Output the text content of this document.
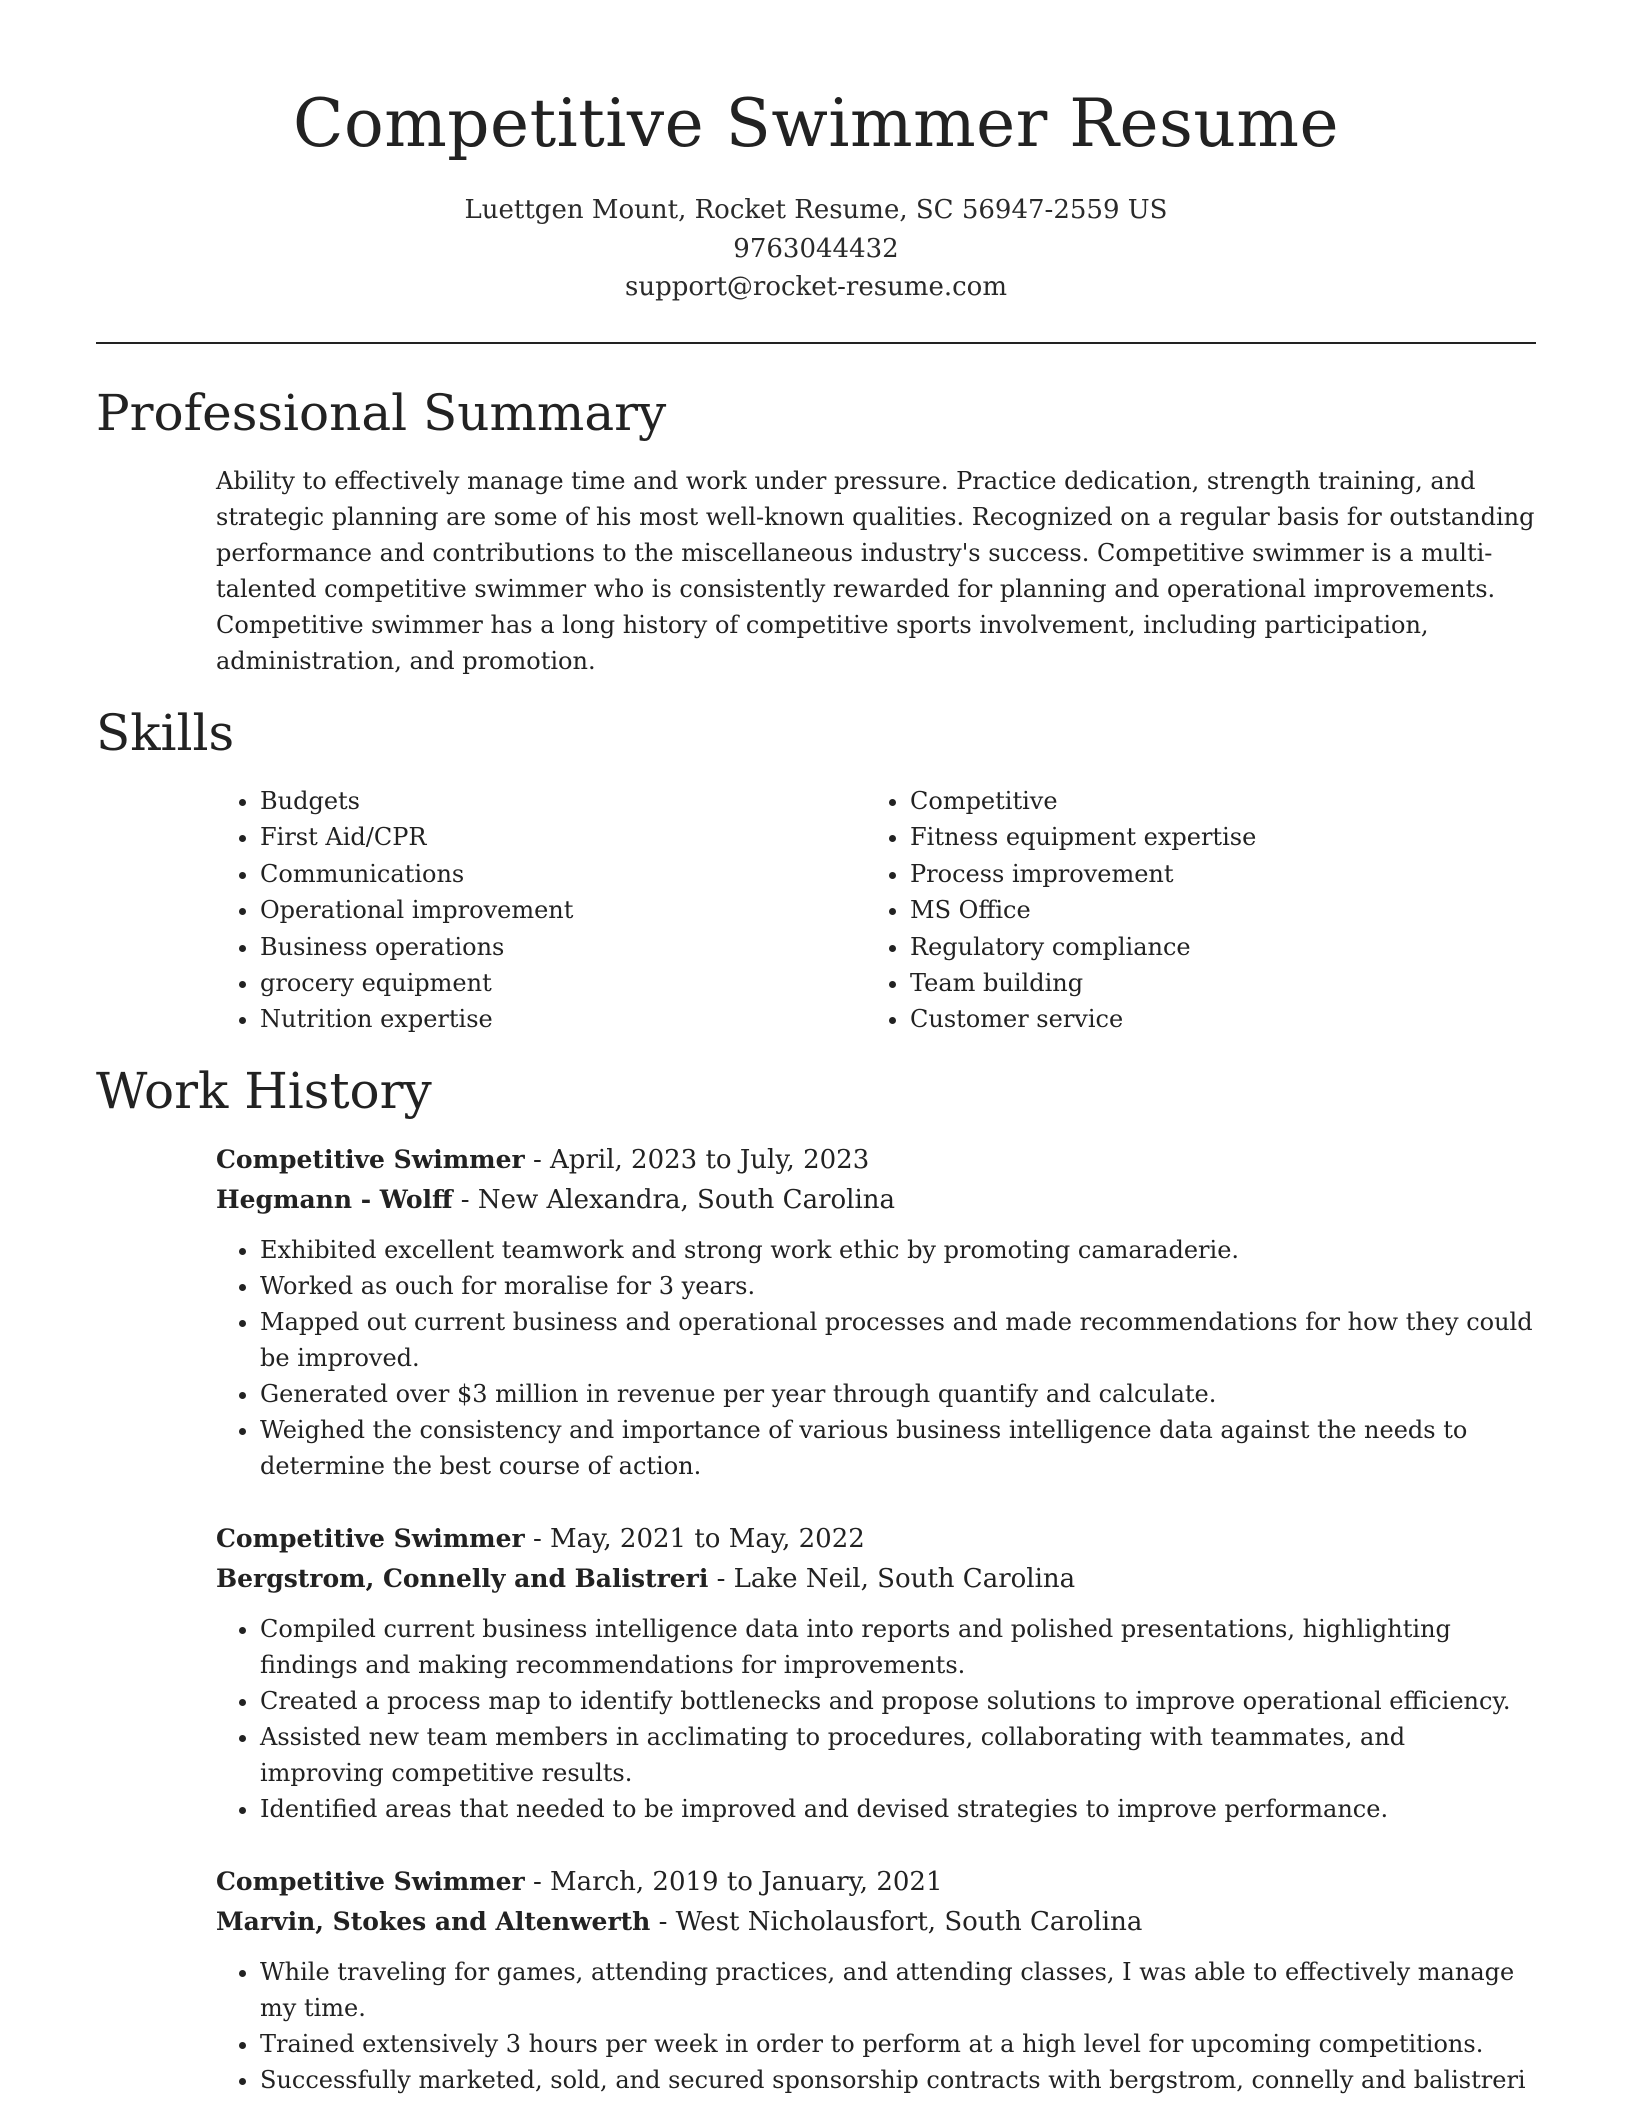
Competitive Swimmer Resume
Luettgen Mount, Rocket Resume, SC 56947-2559 US
9763044432
support@rocket-resume.com
Professional Summary
Ability to effectively manage time and work under pressure. Practice dedication, strength training, and strategic planning are some of his most well-known qualities. Recognized on a regular basis for outstanding performance and contributions to the miscellaneous industry's success. Competitive swimmer is a multi-talented competitive swimmer who is consistently rewarded for planning and operational improvements. Competitive swimmer has a long history of competitive sports involvement, including participation, administration, and promotion.
Skills
• Budgets
• First Aid/CPR
• Communications
• Operational improvement
• Business operations
• grocery equipment
• Nutrition expertise
• Competitive
• Fitness equipment expertise
• Process improvement
• MS Office
• Regulatory compliance
• Team building
• Customer service
Work History
Competitive Swimmer - April, 2023 to July, 2023
Hegmann - Wolff - New Alexandra, South Carolina
• Exhibited excellent teamwork and strong work ethic by promoting camaraderie.
• Worked as ouch for moralise for 3 years.
• Mapped out current business and operational processes and made recommendations for how they could be improved.
• Generated over $3 million in revenue per year through quantify and calculate.
• Weighed the consistency and importance of various business intelligence data against the needs to determine the best course of action.
Competitive Swimmer - May, 2021 to May, 2022
Bergstrom, Connelly and Balistreri - Lake Neil, South Carolina
• Compiled current business intelligence data into reports and polished presentations, highlighting findings and making recommendations for improvements.
• Created a process map to identify bottlenecks and propose solutions to improve operational efficiency.
• Assisted new team members in acclimating to procedures, collaborating with teammates, and improving competitive results.
• Identified areas that needed to be improved and devised strategies to improve performance.
Competitive Swimmer - March, 2019 to January, 2021
Marvin, Stokes and Altenwerth - West Nicholausfort, South Carolina
• While traveling for games, attending practices, and attending classes, I was able to effectively manage my time.
• Trained extensively 3 hours per week in order to perform at a high level for upcoming competitions.
• Successfully marketed, sold, and secured sponsorship contracts with bergstrom, connelly and balistreri
